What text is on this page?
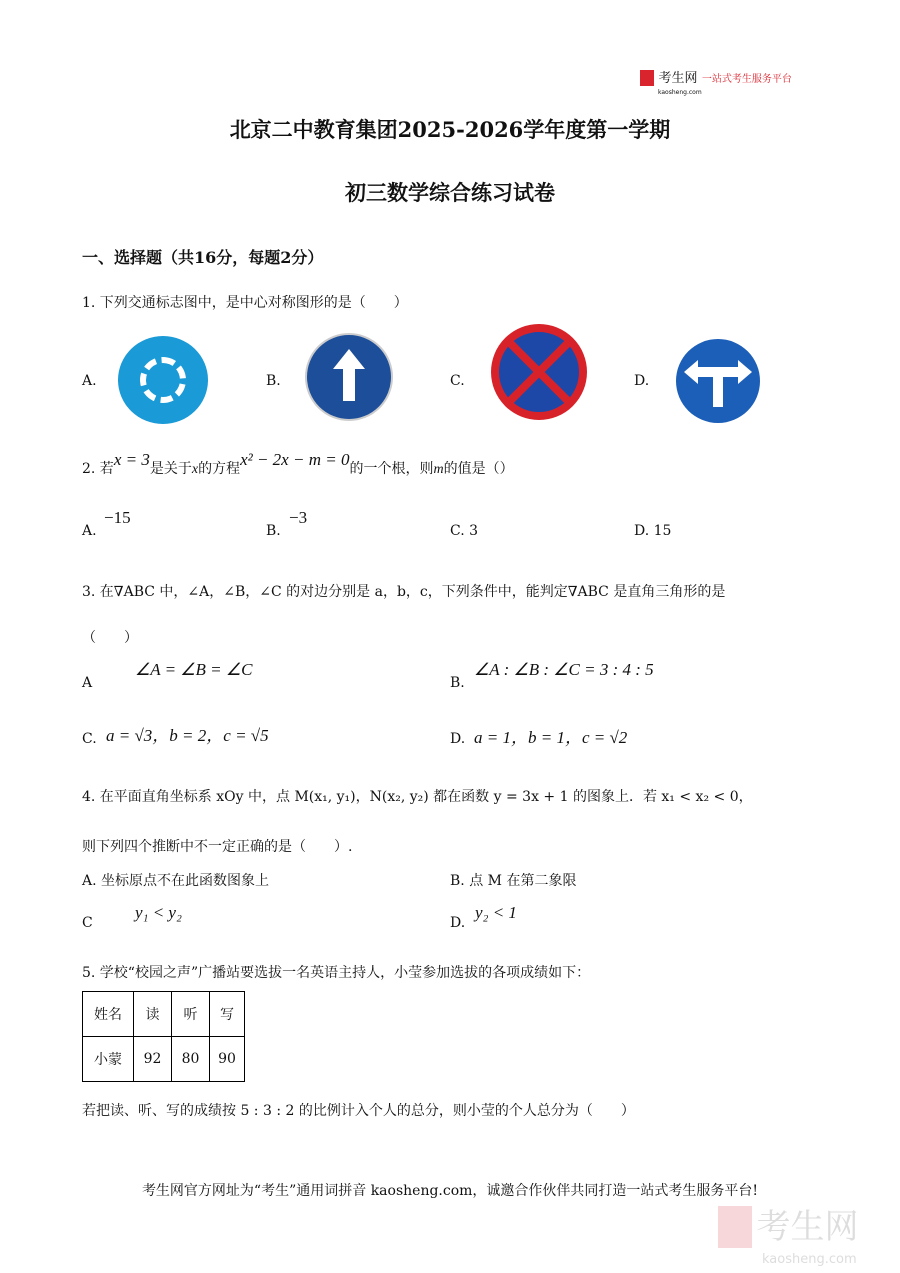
考生网 一站式考生服务平台
kaosheng.com
北京二中教育集团2025-2026学年度第一学期
初三数学综合练习试卷
一、选择题（共16分，每题2分）
1. 下列交通标志图中，是中心对称图形的是（　　）
A.	B.	C.	D.
2. 若x = 3是关于x的方程x² − 2x − m = 0的一个根，则m的值是（）
A.
−15
B.
−3
C. 3	D. 15
3. 在∇ABC 中，∠A，∠B，∠C 的对边分别是 a，b，c，下列条件中，能判定∇ABC 是直角三角形的是
（　　）
A
∠A = ∠B = ∠C
B.
∠A : ∠B : ∠C = 3 : 4 : 5
C. a = √3，b = 2，c = √5	D. a = 1，b = 1，c = √2
4. 在平面直角坐标系 xOy 中，点 M(x₁, y₁)，N(x₂, y₂) 都在函数 y = 3x + 1 的图象上．若 x₁ < x₂ < 0，
则下列四个推断中不一定正确的是（　　）.
A. 坐标原点不在此函数图象上	B. 点 M 在第二象限
C
y₁ < y₂
D.
y₂ < 1
5. 学校“校园之声”广播站要选拔一名英语主持人，小莹参加选拔的各项成绩如下：
姓名	读	听	写
小蒙	92	80	90
若把读、听、写的成绩按 5 : 3 : 2 的比例计入个人的总分，则小莹的个人总分为（　　）
考生网官方网址为“考生”通用词拼音 kaosheng.com，诚邀合作伙伴共同打造一站式考生服务平台!
考生网
kaosheng.com
